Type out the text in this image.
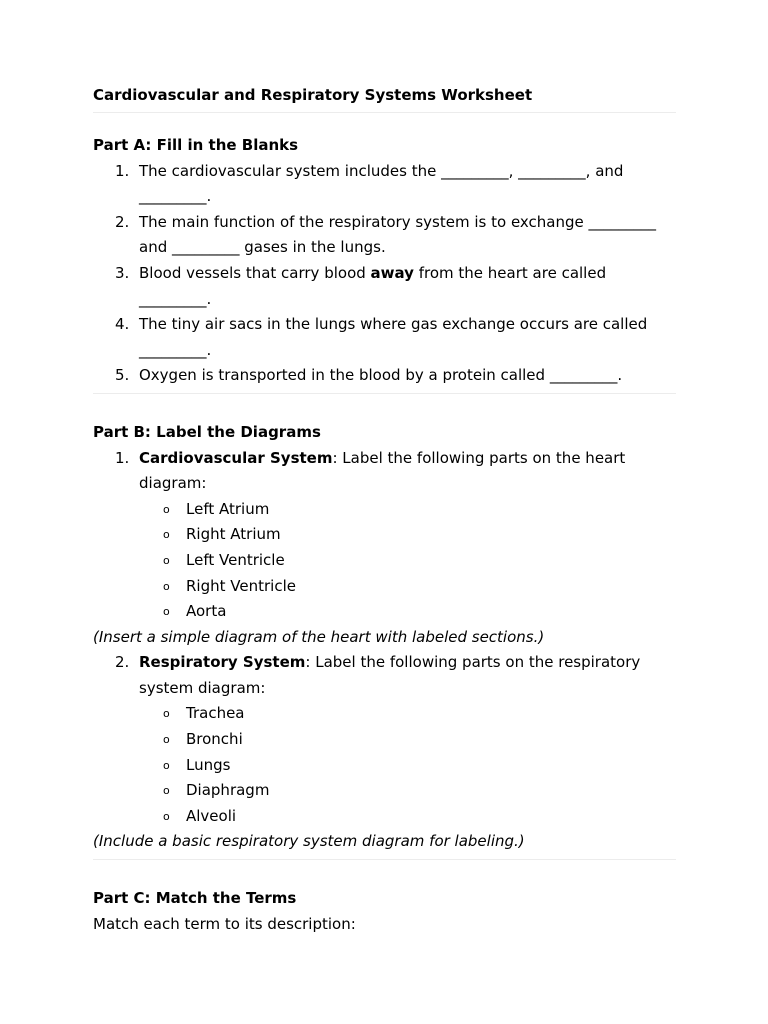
Cardiovascular and Respiratory Systems Worksheet

Part A: Fill in the Blanks
1. The cardiovascular system includes the _________, _________, and _________.
2. The main function of the respiratory system is to exchange _________ and _________ gases in the lungs.
3. Blood vessels that carry blood away from the heart are called _________.
4. The tiny air sacs in the lungs where gas exchange occurs are called _________.
5. Oxygen is transported in the blood by a protein called _________.
Part B: Label the Diagrams
1. Cardiovascular System: Label the following parts on the heart diagram:
o Left Atrium
o Right Atrium
o Left Ventricle
o Right Ventricle
o Aorta
(Insert a simple diagram of the heart with labeled sections.)
2. Respiratory System: Label the following parts on the respiratory system diagram:
o Trachea
o Bronchi
o Lungs
o Diaphragm
o Alveoli
(Include a basic respiratory system diagram for labeling.)
Part C: Match the Terms
Match each term to its description:
